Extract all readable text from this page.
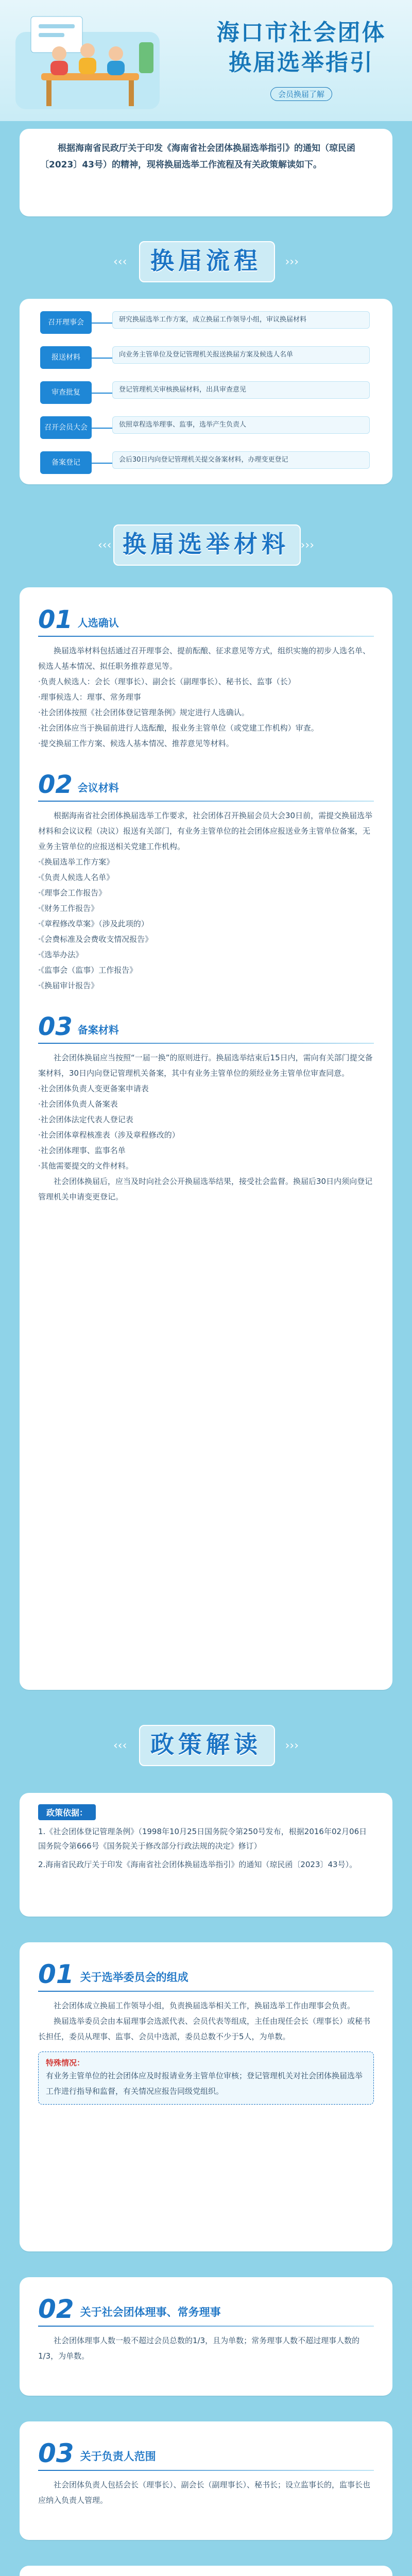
海口市社会团体
换届选举指引
会员换届了解

根据海南省民政厅关于印发《海南省社会团体换届选举指引》的通知（琼民函〔2023〕43号）的精神，现将换届选举工作流程及有关政策解读如下。

‹‹‹ 换届流程 ›››
召开理事会	研究换届选举工作方案，成立换届工作领导小组，审议换届材料
报送材料	向业务主管单位及登记管理机关报送换届方案及候选人名单
审查批复	登记管理机关审核换届材料，出具审查意见
召开会员大会	依照章程选举理事、监事，选举产生负责人
备案登记	会后30日内向登记管理机关提交备案材料，办理变更登记
‹‹‹ 换届选举材料 ›››
01 人选确认

换届选举材料包括通过召开理事会、提前酝酿、征求意见等方式，组织实施的初步人选名单、候选人基本情况、拟任职务推荐意见等。

·负责人候选人：会长（理事长）、副会长（副理事长）、秘书长、监事（长）

·理事候选人：理事、常务理事

·社会团体按照《社会团体登记管理条例》规定进行人选确认。

·社会团体应当于换届前进行人选酝酿，报业务主管单位（或党建工作机构）审查。

·提交换届工作方案、候选人基本情况、推荐意见等材料。

02 会议材料

根据海南省社会团体换届选举工作要求，社会团体召开换届会员大会30日前，需提交换届选举材料和会议议程（决议）报送有关部门，有业务主管单位的社会团体应报送业务主管单位备案，无业务主管单位的应报送相关党建工作机构。

·《换届选举工作方案》

·《负责人候选人名单》

·《理事会工作报告》

·《财务工作报告》

·《章程修改草案》（涉及此项的）

·《会费标准及会费收支情况报告》

·《选举办法》

·《监事会（监事）工作报告》

·《换届审计报告》

03 备案材料

社会团体换届应当按照“一届一换”的原则进行。换届选举结束后15日内，需向有关部门提交备案材料，30日内向登记管理机关备案，其中有业务主管单位的须经业务主管单位审查同意。

·社会团体负责人变更备案申请表

·社会团体负责人备案表

·社会团体法定代表人登记表

·社会团体章程核准表（涉及章程修改的）

·社会团体理事、监事名单

·其他需要提交的文件材料。

社会团体换届后，应当及时向社会公开换届选举结果，接受社会监督。换届后30日内须向登记管理机关申请变更登记。

‹‹‹ 政策解读 ›››
政策依据：

1.《社会团体登记管理条例》（1998年10月25日国务院令第250号发布，根据2016年02月06日国务院令第666号《国务院关于修改部分行政法规的决定》修订）

2.海南省民政厅关于印发《海南省社会团体换届选举指引》的通知（琼民函〔2023〕43号）。

01 关于选举委员会的组成

社会团体成立换届工作领导小组，负责换届选举相关工作，换届选举工作由理事会负责。

换届选举委员会由本届理事会选派代表、会员代表等组成，主任由现任会长（理事长）或秘书长担任，委员从理事、监事、会员中选派，委员总数不少于5人，为单数。

特殊情况：

有业务主管单位的社会团体应及时报请业务主管单位审核；登记管理机关对社会团体换届选举工作进行指导和监督，有关情况应报告同级党组织。

02 关于社会团体理事、常务理事

社会团体理事人数一般不超过会员总数的1/3，且为单数；常务理事人数不超过理事人数的1/3，为单数。

03 关于负责人范围

社会团体负责人包括会长（理事长）、副会长（副理事长）、秘书长；设立监事长的，监事长也应纳入负责人管理。
